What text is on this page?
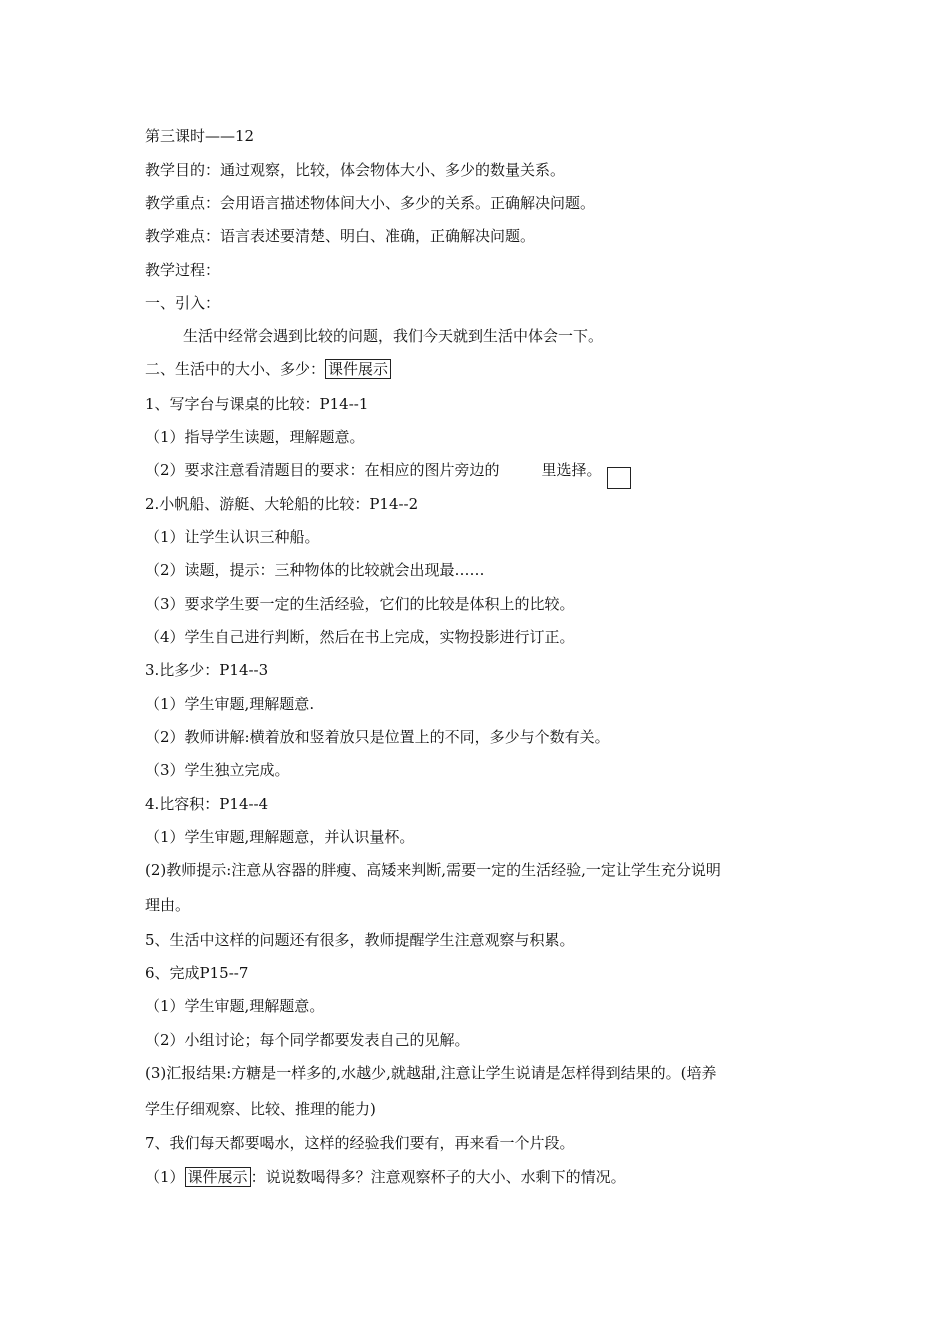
第三课时——12
教学目的：通过观察，比较，体会物体大小、多少的数量关系。
教学重点：会用语言描述物体间大小、多少的关系。正确解决问题。
教学难点：语言表述要清楚、明白、准确，正确解决问题。
教学过程：
一、引入：
生活中经常会遇到比较的问题，我们今天就到生活中体会一下。
二、生活中的大小、多少： 课件展示
1、写字台与课桌的比较：P14--1
（1）指导学生读题，理解题意。
（2）要求注意看清题目的要求：在相应的图片旁边的	里选择。
2.小帆船、游艇、大轮船的比较：P14--2
（1）让学生认识三种船。
（2）读题，提示：三种物体的比较就会出现最……
（3）要求学生要一定的生活经验，它们的比较是体积上的比较。
（4）学生自己进行判断，然后在书上完成，实物投影进行订正。
3.比多少：P14--3
（1）学生审题,理解题意.
（2）教师讲解:横着放和竖着放只是位置上的不同，多少与个数有关。
（3）学生独立完成。
4.比容积：P14--4
（1）学生审题,理解题意，并认识量杯。
(2)教师提示:注意从容器的胖瘦、高矮来判断,需要一定的生活经验,一定让学生充分说明
理由。
5、生活中这样的问题还有很多，教师提醒学生注意观察与积累。
6、完成P15--7
（1）学生审题,理解题意。
（2）小组讨论；每个同学都要发表自己的见解。
(3)汇报结果:方糖是一样多的,水越少,就越甜,注意让学生说请是怎样得到结果的。(培养
学生仔细观察、比较、推理的能力)
7、我们每天都要喝水，这样的经验我们要有，再来看一个片段。
（1） 课件展示 ：说说数喝得多？注意观察杯子的大小、水剩下的情况。
